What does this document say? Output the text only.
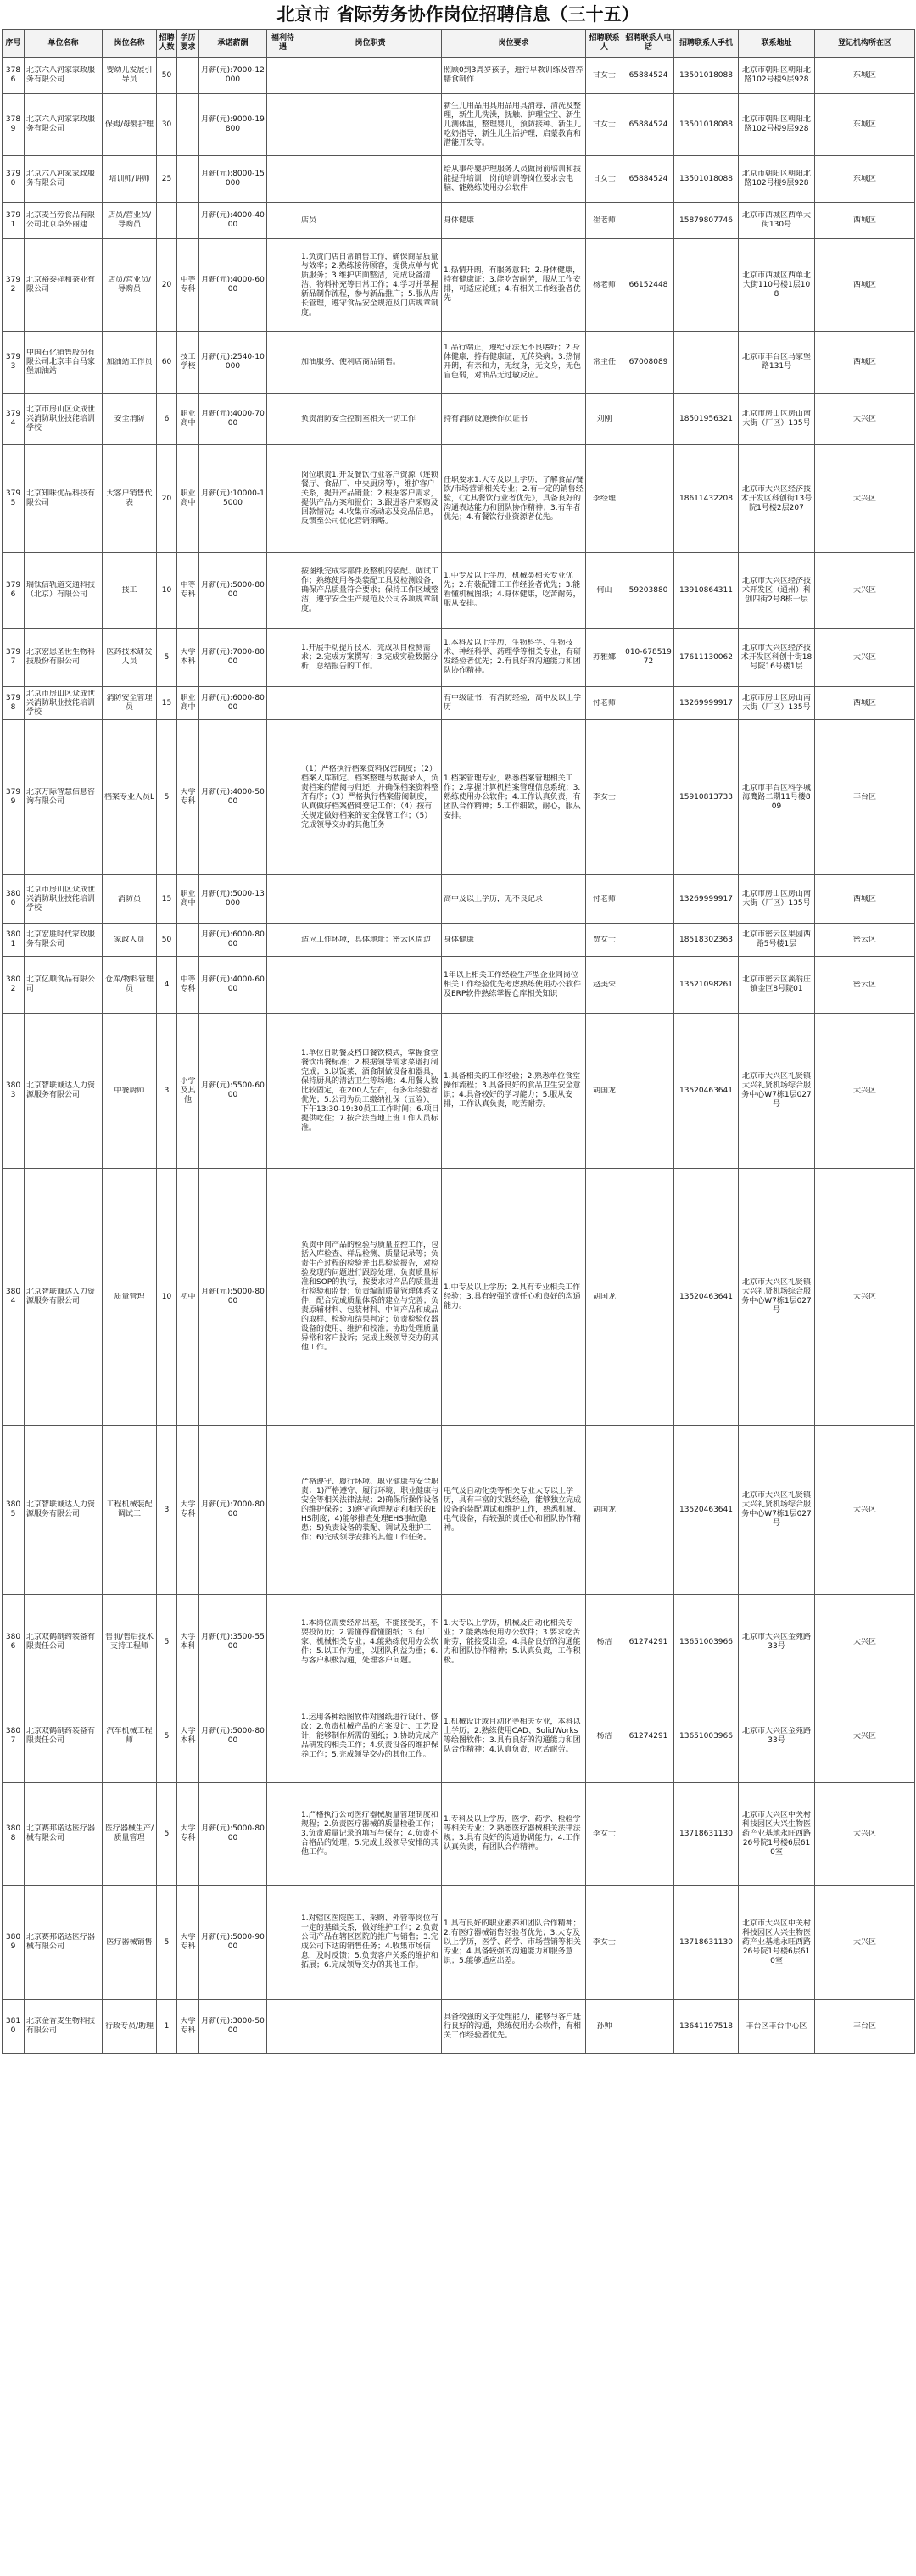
北京市 省际劳务协作岗位招聘信息（三十五）
序号	单位名称	岗位名称	招聘人数	学历要求	承诺薪酬	福利待遇	岗位职责	岗位要求	招聘联系人	招聘联系人电话	招聘联系人手机	联系地址	登记机构所在区

3786	北京六八河家家政服务有限公司	婴幼儿发展引导员	50		月薪(元):7000-12000			照顾0到3周岁孩子，进行早教训练及营养膳食制作	甘女士	65884524	13501018088	北京市朝阳区朝阳北路102号楼9层928	东城区

3789	北京六八河家家政服务有限公司	保姆/母婴护理	30		月薪(元):9000-19800			新生儿用品用具用品用具消毒，清洗及整理，新生儿洗澡，抚触、护理宝宝、新生儿测体温，整理婴儿，预防接种、新生儿吃奶指导，新生儿生活护理，启蒙教育和潜能开发等。	甘女士	65884524	13501018088	北京市朝阳区朝阳北路102号楼9层928	东城区

3790	北京六八河家家政服务有限公司	培训师/讲师	25		月薪(元):8000-15000			给从事母婴护理服务人员做岗前培训和技能提升培训，岗前培训等岗位要求会电脑、能熟练使用办公软件	甘女士	65884524	13501018088	北京市朝阳区朝阳北路102号楼9层928	东城区

3791	北京麦当劳食品有限公司北京阜外丽建	店员/营业员/导购员			月薪(元):4000-4000		店员	身体健康	崔老师		15879807746	北京市西城区西单大街130号	西城区

3792	北京裕泰祥和茶业有限公司	店员/营业员/导购员	20	中等专科	月薪(元):4000-6000		1.负责门店日常销售工作，确保商品质量与效率；2.熟练接待顾客，提供点单与优质服务；3.维护店面整洁，完成设备清洁、物料补充等日常工作；4.学习并掌握新品制作流程，参与新品推广；5.服从店长管理，遵守食品安全规范及门店规章制度。	1.热情开朗，有服务意识；2.身体健康，持有健康证；3.能吃苦耐劳，服从工作安排，可适应轮班；4.有相关工作经验者优先	杨老师	66152448		北京市西城区西单北大街110号楼1层108	西城区

3793	中国石化销售股份有限公司北京丰台马家堡加油站	加油站工作员	60	技工学校	月薪(元):2540-10000		加油服务、便利店商品销售。	1.品行端正，遵纪守法无不良嗜好；2.身体健康，持有健康证，无传染病；3.热情开朗，有亲和力，无纹身，无文身，无色盲色弱，对油品无过敏反应。	常主任	67008089		北京市丰台区马家堡路131号	西城区

3794	北京市房山区众成世兴消防职业技能培训学校	安全消防	6	职业高中	月薪(元):4000-7000		负责消防安全控制室相关一切工作	持有消防设施操作员证书	刘刚		18501956321	北京市房山区房山南大街（厂区）135号	大兴区

3795	北京知味优品科技有限公司	大客户销售代表	20	职业高中	月薪(元):10000-15000		岗位职责1.开发餐饮行业客户资源（连锁餐厅、食品厂、中央厨房等），维护客户关系，提升产品销量；2.根据客户需求，提供产品方案和报价；3.跟进客户采购及回款情况；4.收集市场动态及竞品信息，反馈至公司优化营销策略。	任职要求1.大专及以上学历，了解食品/餐饮/市场营销相关专业；2.有一定的销售经验，《尤其餐饮行业者优先》，具备良好的沟通表达能力和团队协作精神；3.有车者优先；4.有餐饮行业资源者优先。	李经理		18611432208	北京市大兴区经济技术开发区科创街13号院1号楼2层207	大兴区

3796	瑞钛信轨道交通科技（北京）有限公司	技工	10	中等专科	月薪(元):5000-8000		按图纸完成零部件及整机的装配、调试工作；熟练使用各类装配工具及检测设备，确保产品质量符合要求；保持工作区域整洁，遵守安全生产规范及公司各项规章制度。	1.中专及以上学历，机械类相关专业优先；2.有装配钳工工作经验者优先；3.能看懂机械图纸；4.身体健康，吃苦耐劳，服从安排。	何山	59203880	13910864311	北京市大兴区经济技术开发区（通州）科创四街2号8栋一层	大兴区

3797	北京宏恩圣世生物科技股份有限公司	医药技术研发人员	5	大学本科	月薪(元):7000-8000		1.开展手动提片技术，完成项目检测需求；2.完成方案撰写；3.完成实验数据分析，总结报告的工作。	1.本科及以上学历，生物科学、生物技术、神经科学、药理学等相关专业，有研发经验者优先；2.有良好的沟通能力和团队协作精神。	苏雅娜	010-67851972	17611130062	北京市大兴区经济技术开发区科创十街18号院16号楼1层	大兴区

3798	北京市房山区众成世兴消防职业技能培训学校	消防安全管理员	15	职业高中	月薪(元):6000-8000			有中级证书，有消防经验，高中及以上学历	付老师		13269999917	北京市房山区房山南大街（厂区）135号	西城区

3799	北京万际智慧信息咨询有限公司	档案专业人员L	5	大学专科	月薪(元):4000-5000		（1）严格执行档案资料保密制度；（2）档案入库制定、档案整理与数据录入，负责档案的借阅与归还，并确保档案资料整齐有序；（3）严格执行档案借阅制度，认真做好档案借阅登记工作；（4）按有关规定做好档案的安全保管工作；（5）完成领导交办的其他任务	1.档案管理专业，熟悉档案管理相关工作；2.掌握计算机档案管理信息系统；3.熟练使用办公软件；4.工作认真负责，有团队合作精神；5.工作细致，耐心，服从安排。	李女士		15910813733	北京市丰台区科学城海鹰路二期11号楼809	丰台区

3800	北京市房山区众成世兴消防职业技能培训学校	消防员	15	职业高中	月薪(元):5000-13000			高中及以上学历，无不良记录	付老师		13269999917	北京市房山区房山南大街（厂区）135号	西城区

3801	北京宏胜时代家政服务有限公司	家政人员	50		月薪(元):6000-8000		适应工作环境，具体地址：密云区周边	身体健康	贾女士		18518302363	北京市密云区果园西路5号楼1层	密云区

3802	北京亿顺食品有限公司	仓库/物料管理员	4	中等专科	月薪(元):4000-6000			1年以上相关工作经验生产型企业同岗位相关工作经验优先考虑熟练使用办公软件及ERP软件熟练掌握仓库相关知识	赵美荣		13521098261	北京市密云区溪翁庄镇金叵8号院01	密云区

3803	北京智联诚达人力资源服务有限公司	中餐厨师	3	小学及其他	月薪(元):5500-6000		1.单位自助餐及档口餐饮模式，掌握食堂餐饮出餐标准；2.根据领导需求菜谱打制完成；3.以饭菜、酒食制做设备和器具，保持厨具的清洁卫生等场地；4.用餐人数比较固定，在200人左右，有多年经验者优先；5.公司为员工缴纳社保（五险）、下午13:30-19:30员工工作时间；6.项目提供吃住；7.按合法当地上班工作人员标准。	1.具备相关的工作经验；2.熟悉单位食堂操作流程；3.具备良好的食品卫生安全意识；4.具备较好的学习能力；5.服从安排，工作认真负责，吃苦耐劳。	胡国龙		13520463641	北京市大兴区礼贤镇大兴礼贤机场综合服务中心W7栋1层027号	大兴区

3804	北京智联诚达人力资源服务有限公司	质量管理	10	初中	月薪(元):5000-8000		负责中间产品的检验与质量监控工作，包括入库检查、样品检测、质量记录等；负责生产过程的检验并出具检验报告，对检验发现的问题进行跟踪处理；负责质量标准和SOP的执行，按要求对产品的质量进行检验和监督；负责编制质量管理体系文件，配合完成质量体系的建立与完善；负责原辅材料、包装材料、中间产品和成品的取样、检验和结果判定；负责检验仪器设备的使用、维护和校准；协助处理质量异常和客户投诉；完成上级领导交办的其他工作。	1.中专及以上学历；2.具有专业相关工作经验；3.具有较强的责任心和良好的沟通能力。	胡国龙		13520463641	北京市大兴区礼贤镇大兴礼贤机场综合服务中心W7栋1层027号	大兴区

3805	北京智联诚达人力资源服务有限公司	工程机械装配调试工	3	大学专科	月薪(元):7000-8000		严格遵守、履行环境、职业健康与安全职责：1)严格遵守、履行环境、职业健康与安全等相关法律法规；2)确保所操作设备的维护保养；3)遵守管理规定和相关的EHS制度；4)能够排查处理EHS事故隐患；5)负责设备的装配、调试及维护工作；6)完成领导安排的其他工作任务。	电气及自动化类等相关专业大专以上学历，具有丰富的实践经验，能够独立完成设备的装配调试和维护工作，熟悉机械、电气设备，有较强的责任心和团队协作精神。	胡国龙		13520463641	北京市大兴区礼贤镇大兴礼贤机场综合服务中心W7栋1层027号	大兴区

3806	北京双鹤制药装备有限责任公司	售前/售后技术支持工程师	5	大学本科	月薪(元):3500-5500		1.本岗位需要经常出差，不能接受的，不要投简历；2.需懂得看懂图纸；3.有厂家、机械相关专业；4.能熟练使用办公软件；5.以工作为重，以团队利益为重；6.与客户积极沟通，处理客户问题。	1.大专以上学历，机械及自动化相关专业；2.能熟练使用办公软件；3.要求吃苦耐劳，能接受出差；4.具备良好的沟通能力和团队协作精神；5.认真负责，工作积极。	杨洁	61274291	13651003966	北京市大兴区金苑路33号	大兴区

3807	北京双鹤制药装备有限责任公司	汽车机械工程师	5	大学本科	月薪(元):5000-8000		1.运用各种绘图软件对图纸进行设计、修改；2.负责机械产品的方案设计、工艺设计，能够制作所需的图纸；3.协助完成产品研发的相关工作；4.负责设备的维护保养工作；5.完成领导交办的其他工作。	1.机械设计或自动化等相关专业，本科以上学历；2.熟练使用CAD、SolidWorks等绘图软件；3.具有良好的沟通能力和团队合作精神；4.认真负责，吃苦耐劳。	杨洁	61274291	13651003966	北京市大兴区金苑路33号	大兴区

3808	北京赛邦诺达医疗器械有限公司	医疗器械生产/质量管理	5	大学专科	月薪(元):5000-8000		1.严格执行公司医疗器械质量管理制度和规程；2.负责医疗器械的质量检验工作；3.负责质量记录的填写与保存；4.负责不合格品的处理；5.完成上级领导安排的其他工作。	1.专科及以上学历，医学、药学、检验学等相关专业；2.熟悉医疗器械相关法律法规；3.具有良好的沟通协调能力；4.工作认真负责，有团队合作精神。	李女士		13718631130	北京市大兴区中关村科技园区大兴生物医药产业基地永旺西路26号院1号楼6层610室	大兴区

3809	北京赛邦诺达医疗器械有限公司	医疗器械销售	5	大学专科	月薪(元):5000-9000		1.对辖区医院医工、采购、外管等岗位有一定的基础关系，做好维护工作；2.负责公司产品在辖区医院的推广与销售；3.完成公司下达的销售任务；4.收集市场信息，及时反馈；5.负责客户关系的维护和拓展；6.完成领导交办的其他工作。	1.具有良好的职业素养和团队合作精神；2.有医疗器械销售经验者优先；3.大专及以上学历，医学、药学、市场营销等相关专业；4.具备较强的沟通能力和服务意识；5.能够适应出差。	李女士		13718631130	北京市大兴区中关村科技园区大兴生物医药产业基地永旺西路26号院1号楼6层610室	大兴区

3810	北京金香麦生物科技有限公司	行政专员/助理	1	大学专科	月薪(元):3000-5000			具备较强的文字处理能力，能够与客户进行良好的沟通，熟练使用办公软件，有相关工作经验者优先。	孙帅		13641197518	丰台区丰台中心区	丰台区
